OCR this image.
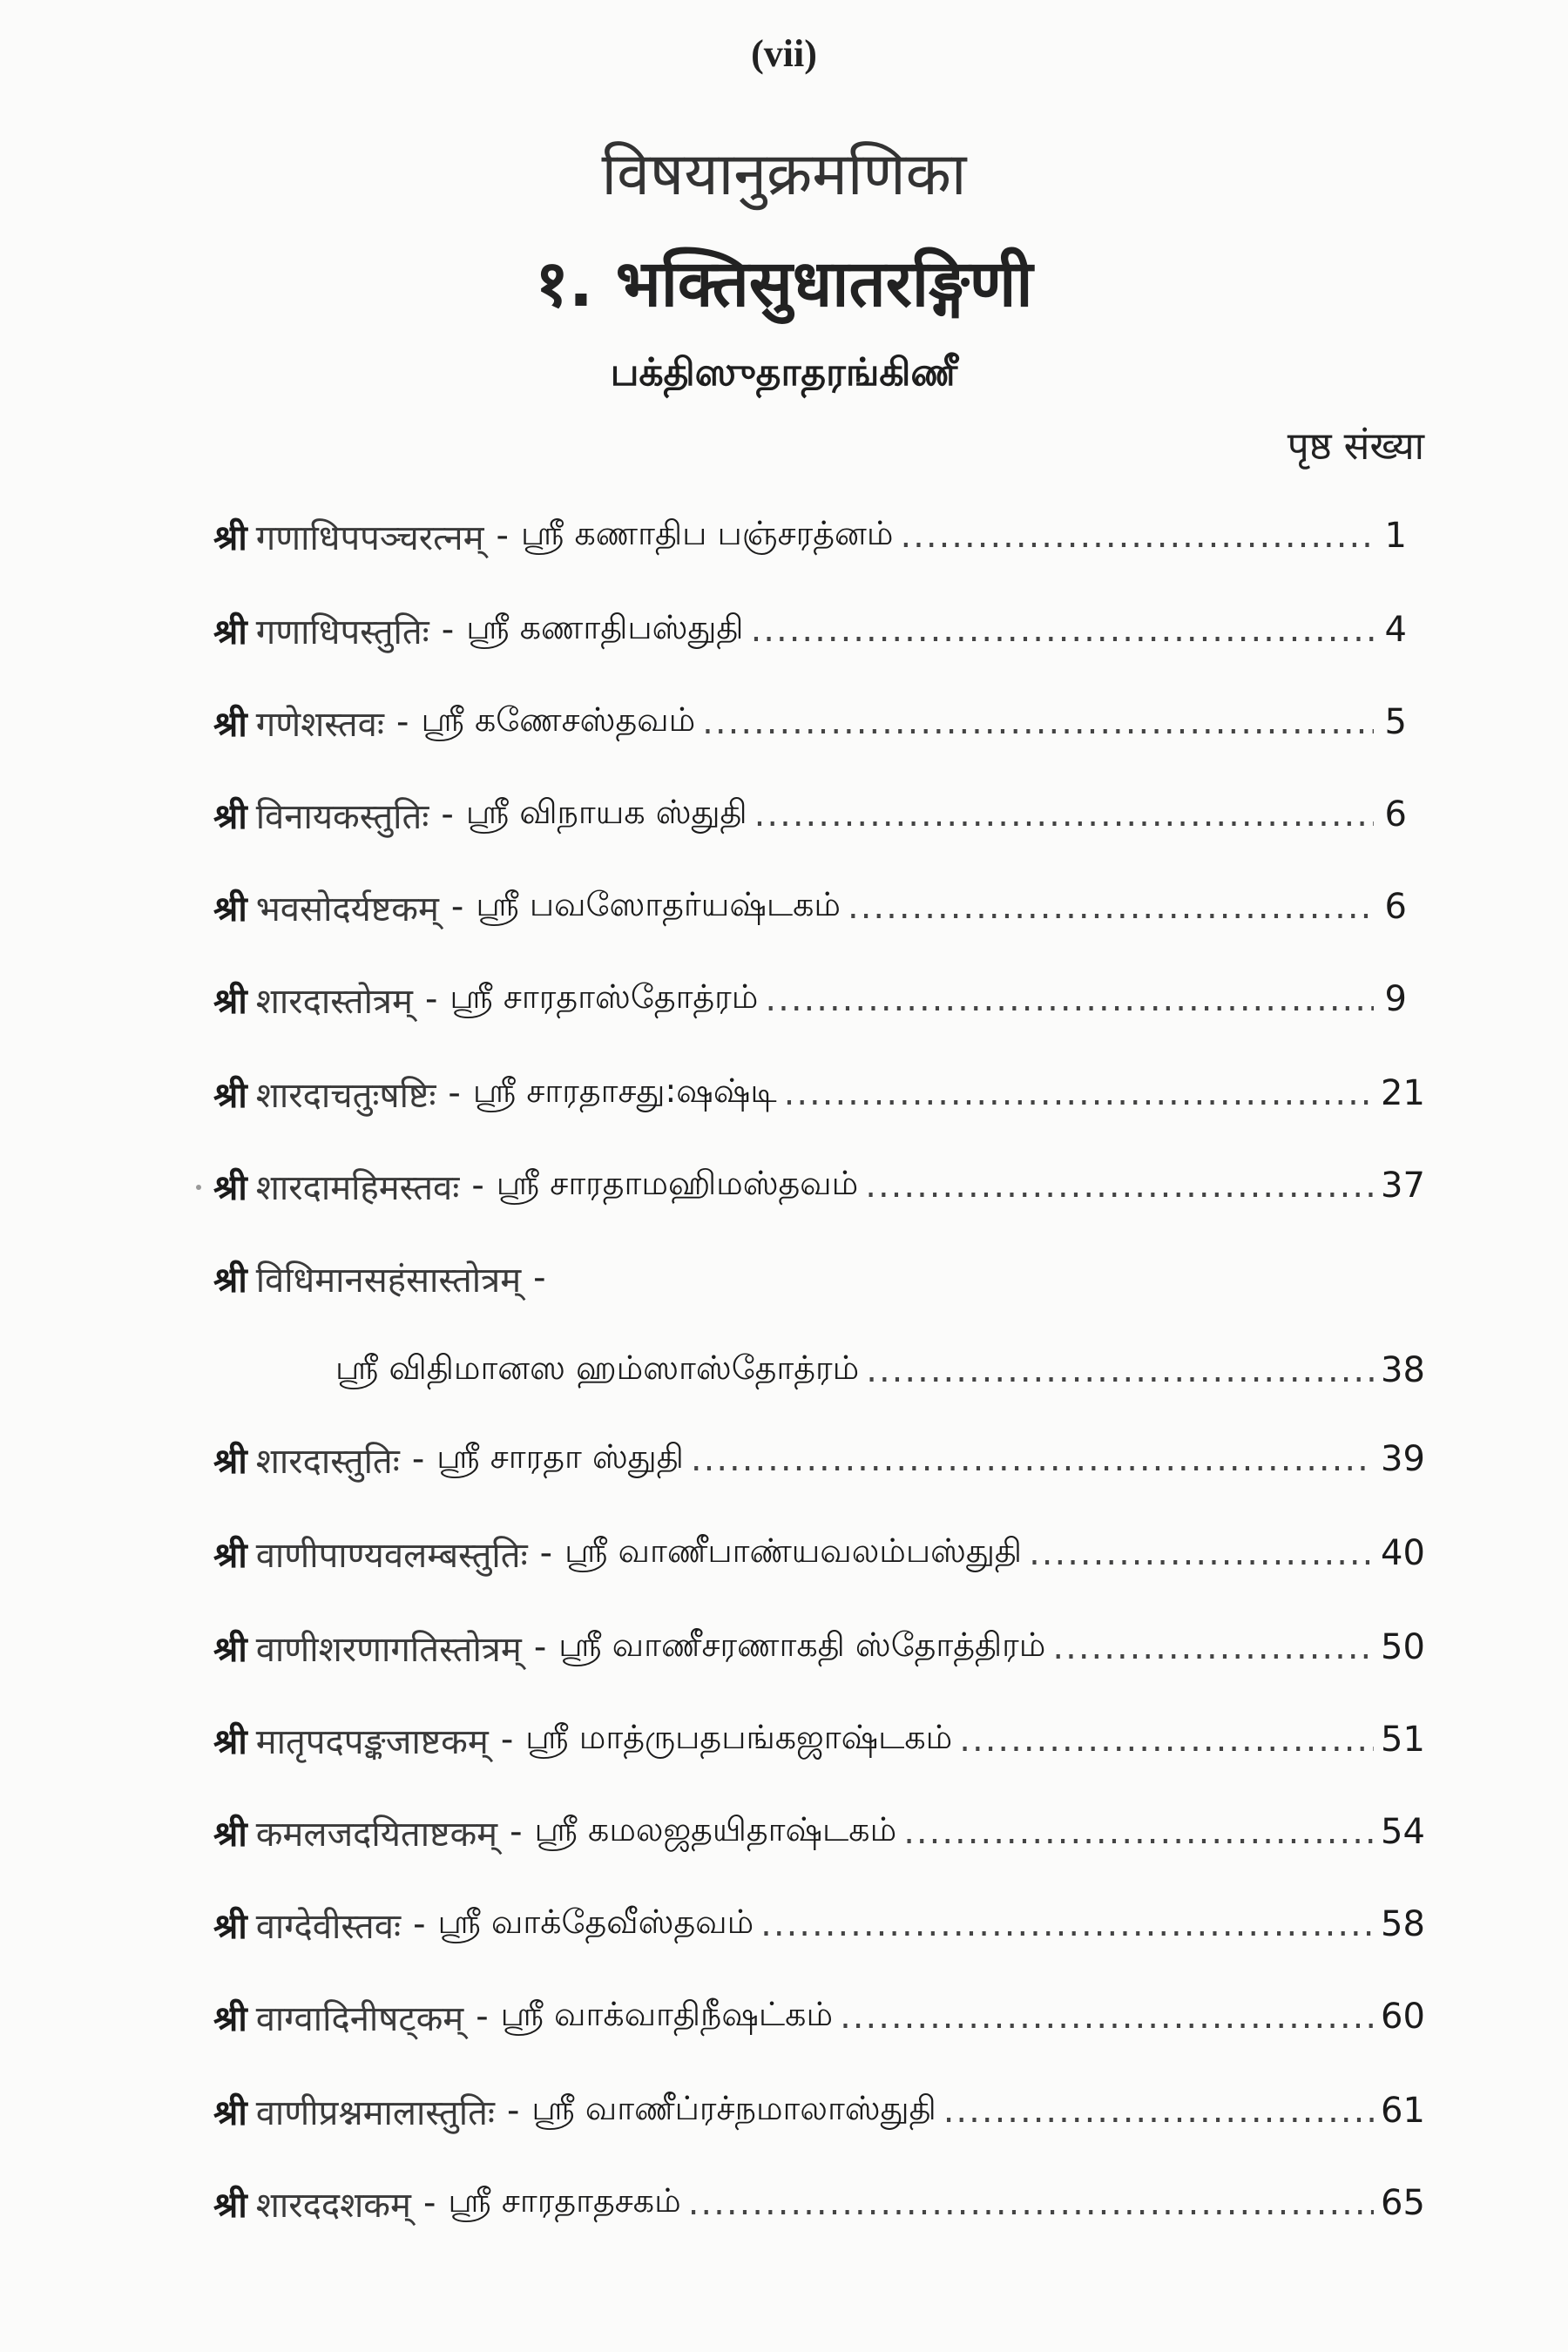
(vii)
विषयानुक्रमणिका
१. भक्तिसुधातरङ्गिणी
பக்திஸுதாதரங்கிணீ
पृष्ठ संख्या
श्री गणाधिपपञ्चरत्नम् - ஸ்ரீ கணாதிப பஞ்சரத்னம் .....	1
श्री गणाधिपस्तुतिः - ஸ்ரீ கணாதிபஸ்துதி .....	4
श्री गणेशस्तवः - ஸ்ரீ கணேசஸ்தவம் .....	5
श्री विनायकस्तुतिः - ஸ்ரீ விநாயக ஸ்துதி .....	6
श्री भवसोदर्यष्टकम् - ஸ்ரீ பவஸோதர்யஷ்டகம் .....	6
श्री शारदास्तोत्रम् - ஸ்ரீ சாரதாஸ்தோத்ரம் .....	9
श्री शारदाचतुःषष्टिः - ஸ்ரீ சாரதாசது:ஷஷ்டி .....	21
श्री शारदामहिमस्तवः - ஸ்ரீ சாரதாமஹிமஸ்தவம் .....	37
श्री विधिमानसहंसास्तोत्रम् -
ஸ்ரீ விதிமானஸ ஹம்ஸாஸ்தோத்ரம் .....	38
श्री शारदास्तुतिः - ஸ்ரீ சாரதா ஸ்துதி .....	39
श्री वाणीपाण्यवलम्बस्तुतिः - ஸ்ரீ வாணீபாண்யவலம்பஸ்துதி .....	40
श्री वाणीशरणागतिस्तोत्रम् - ஸ்ரீ வாணீசரணாகதி ஸ்தோத்திரம் .....	50
श्री मातृपदपङ्कजाष्टकम् - ஸ்ரீ மாத்ருபதபங்கஜாஷ்டகம் .....	51
श्री कमलजदयिताष्टकम् - ஸ்ரீ கமலஜதயிதாஷ்டகம் .....	54
श्री वाग्देवीस्तवः - ஸ்ரீ வாக்தேவீஸ்தவம் .....	58
श्री वाग्वादिनीषट्कम् - ஸ்ரீ வாக்வாதிநீஷட்கம் .....	60
श्री वाणीप्रश्नमालास्तुतिः - ஸ்ரீ வாணீப்ரச்நமாலாஸ்துதி .....	61
श्री शारददशकम् - ஸ்ரீ சாரதாதசகம் .....	65
